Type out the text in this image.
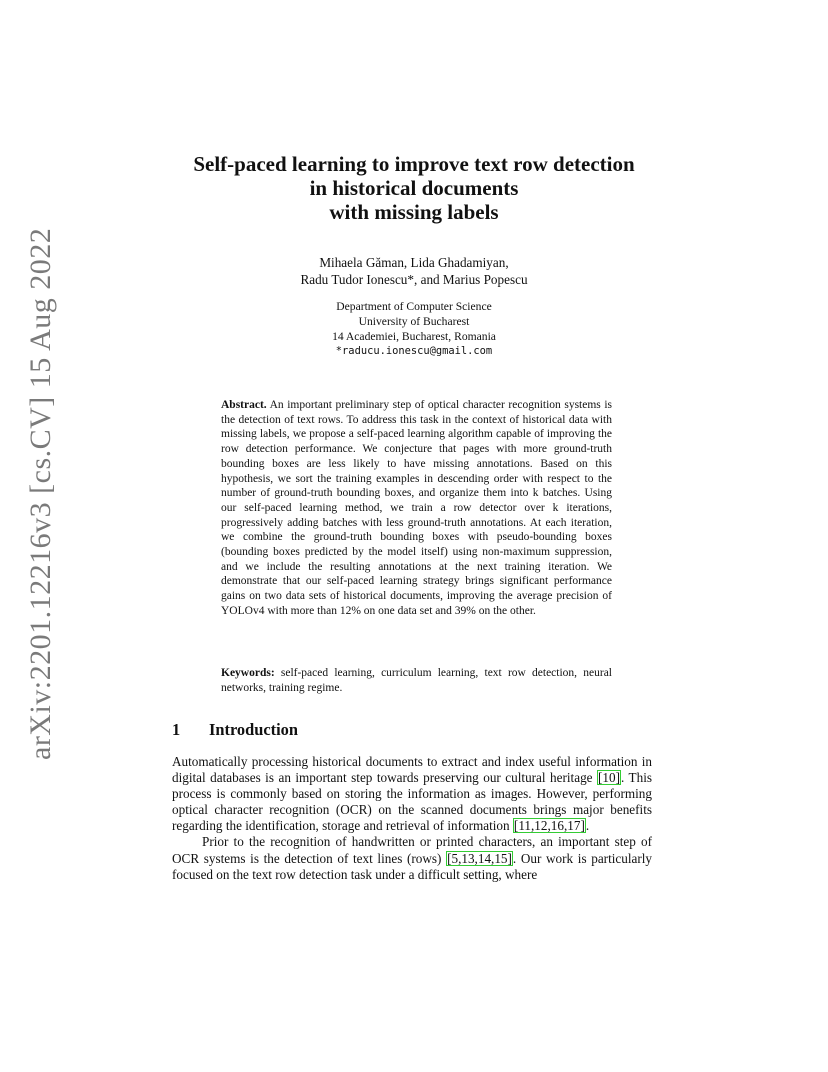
arXiv:2201.12216v3 [cs.CV] 15 Aug 2022
Self-paced learning to improve text row detection
in historical documents
with missing labels
Mihaela Găman, Lida Ghadamiyan,
Radu Tudor Ionescu*, and Marius Popescu
Department of Computer Science
University of Bucharest
14 Academiei, Bucharest, Romania
*raducu.ionescu@gmail.com
Abstract. An important preliminary step of optical character recognition systems is the detection of text rows. To address this task in the context of historical data with missing labels, we propose a self-paced learning algorithm capable of improving the row detection performance. We conjecture that pages with more ground-truth bounding boxes are less likely to have missing annotations. Based on this hypothesis, we sort the training examples in descending order with respect to the number of ground-truth bounding boxes, and organize them into k batches. Using our self-paced learning method, we train a row detector over k iterations, progressively adding batches with less ground-truth annotations. At each iteration, we combine the ground-truth bounding boxes with pseudo-bounding boxes (bounding boxes predicted by the model itself) using non-maximum suppression, and we include the resulting annotations at the next training iteration. We demonstrate that our self-paced learning strategy brings significant performance gains on two data sets of historical documents, improving the average precision of YOLOv4 with more than 12% on one data set and 39% on the other.
Keywords: self-paced learning, curriculum learning, text row detection, neural networks, training regime.
1 Introduction

Automatically processing historical documents to extract and index useful information in digital databases is an important step towards preserving our cultural heritage [10]. This process is commonly based on storing the information as images. However, performing optical character recognition (OCR) on the scanned documents brings major benefits regarding the identification, storage and retrieval of information [11,12,16,17].

Prior to the recognition of handwritten or printed characters, an important step of OCR systems is the detection of text lines (rows) [5,13,14,15]. Our work is particularly focused on the text row detection task under a difficult setting, where
